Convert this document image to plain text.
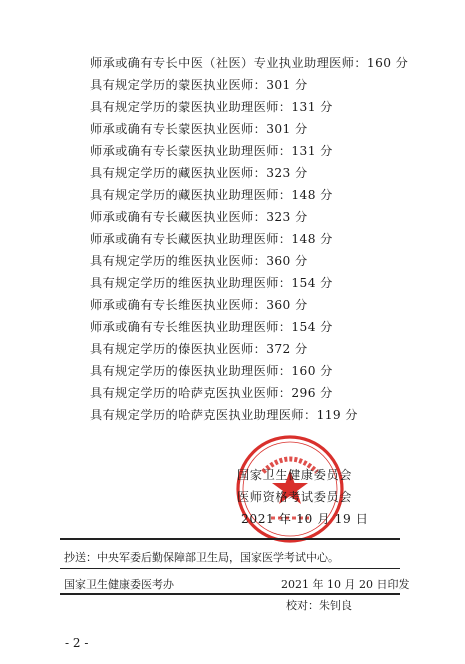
师承或确有专长中医（社医）专业执业助理医师：160 分
具有规定学历的蒙医执业医师：301 分
具有规定学历的蒙医执业助理医师：131 分
师承或确有专长蒙医执业医师：301 分
师承或确有专长蒙医执业助理医师：131 分
具有规定学历的藏医执业医师：323 分
具有规定学历的藏医执业助理医师：148 分
师承或确有专长藏医执业医师：323 分
师承或确有专长藏医执业助理医师：148 分
具有规定学历的维医执业医师：360 分
具有规定学历的维医执业助理医师：154 分
师承或确有专长维医执业医师：360 分
师承或确有专长维医执业助理医师：154 分
具有规定学历的傣医执业医师：372 分
具有规定学历的傣医执业助理医师：160 分
具有规定学历的哈萨克医执业医师：296 分
具有规定学历的哈萨克医执业助理医师：119 分
国家卫生健康委员会
医师资格考试委员会
2021 年 10 月 19 日
抄送：中央军委后勤保障部卫生局，国家医学考试中心。
国家卫生健康委医考办	2021 年 10 月 20 日印发
校对：朱钊良
- 2 -
